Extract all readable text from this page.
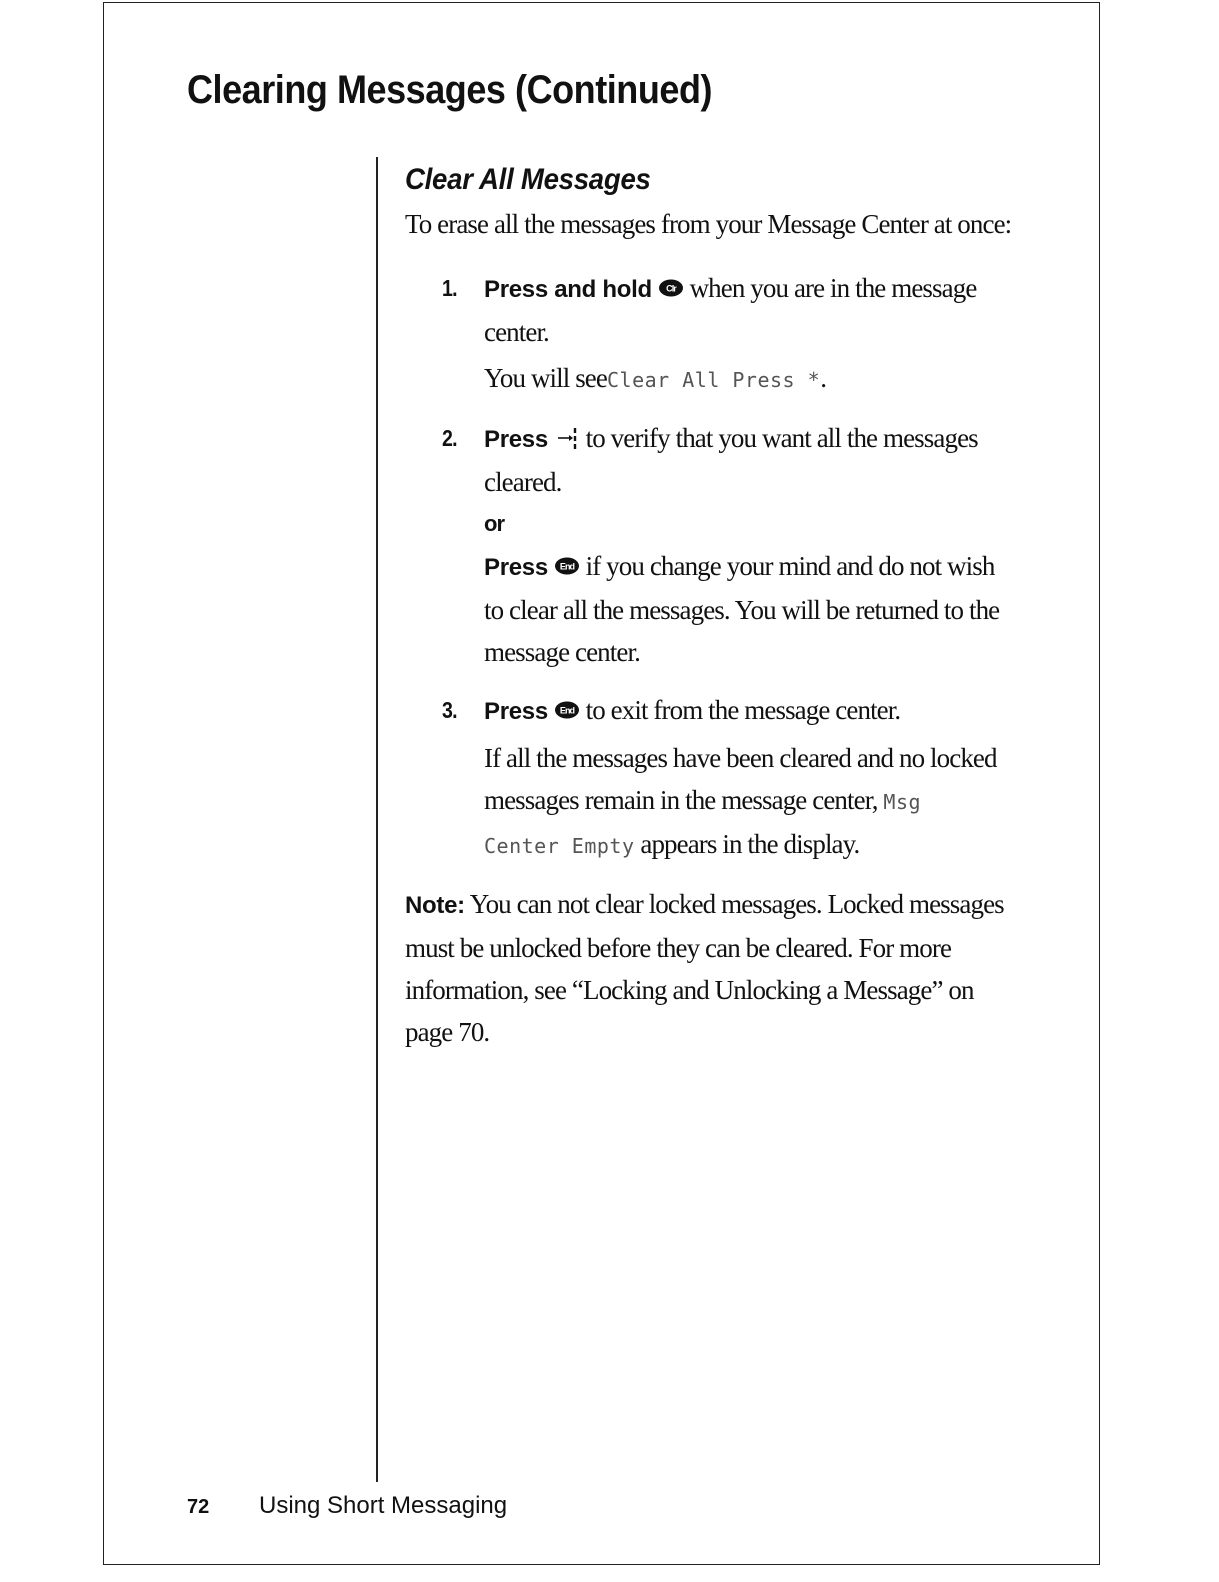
Clearing Messages (Continued)
Clear All Messages

To erase all the messages from your Message Center at once:

1. Press and hold Clr when you are in the message center.

You will seeClear All Press *.

2. Press to verify that you want all the messages cleared.

or

Press End if you change your mind and do not wish to clear all the messages. You will be returned to the message center.

3. Press End to exit from the message center.

If all the messages have been cleared and no locked messages remain in the message center, Msg Center Empty appears in the display.

Note: You can not clear locked messages. Locked messages must be unlocked before they can be cleared. For more information, see “Locking and Unlocking a Message” on page 70.

72 Using Short Messaging
